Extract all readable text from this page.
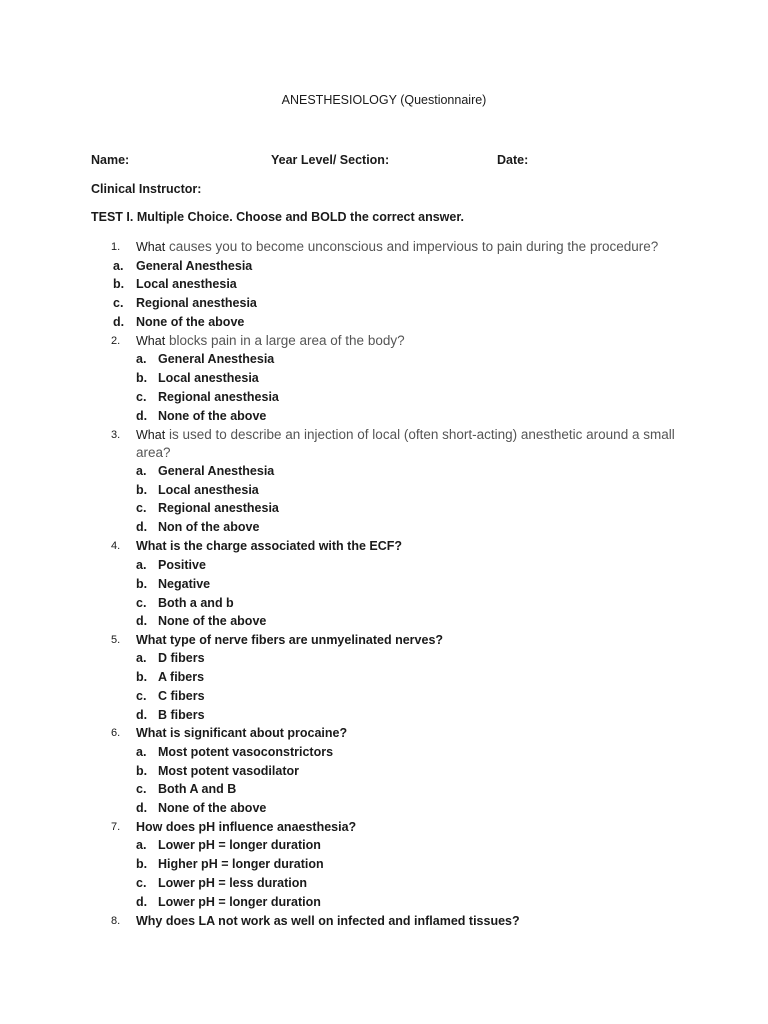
ANESTHESIOLOGY (Questionnaire)
Name:	Year Level/ Section:	Date:
Clinical Instructor:
TEST I. Multiple Choice. Choose and BOLD the correct answer.
1.	What causes you to become unconscious and impervious to pain during the procedure?
a. General Anesthesia
b. Local anesthesia
c. Regional anesthesia
d. None of the above
2.	What blocks pain in a large area of the body?
a. General Anesthesia
b. Local anesthesia
c. Regional anesthesia
d. None of the above
3.	What is used to describe an injection of local (often short-acting) anesthetic around a small area?
a. General Anesthesia
b. Local anesthesia
c. Regional anesthesia
d. Non of the above
4.	What is the charge associated with the ECF?
a. Positive
b. Negative
c. Both a and b
d. None of the above
5.	What type of nerve fibers are unmyelinated nerves?
a. D fibers
b. A fibers
c. C fibers
d. B fibers
6.	What is significant about procaine?
a. Most potent vasoconstrictors
b. Most potent vasodilator
c. Both A and B
d. None of the above
7.	How does pH influence anaesthesia?
a. Lower pH = longer duration
b. Higher pH = longer duration
c. Lower pH = less duration
d. Lower pH = longer duration
8.	Why does LA not work as well on infected and inflamed tissues?
